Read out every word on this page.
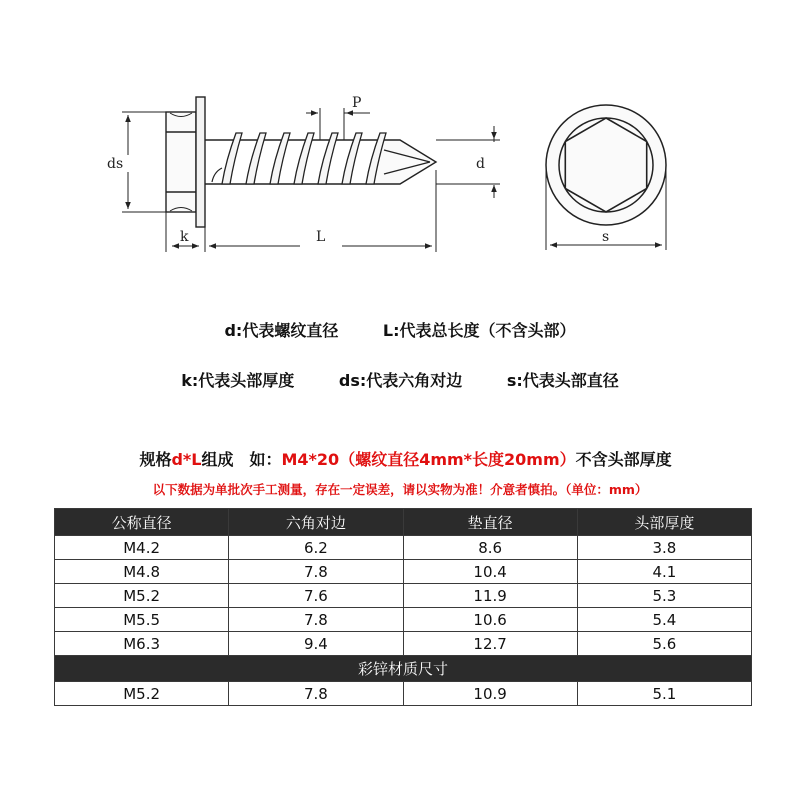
ds
k	L
P
d
s
d:代表螺纹直径	L:代表总长度（不含头部）
k:代表头部厚度	ds:代表六角对边	s:代表头部直径

规格d*L组成　如：M4*20（螺纹直径4mm*长度20mm）不含头部厚度

以下数据为单批次手工测量，存在一定误差，请以实物为准！介意者慎拍。（单位：mm）
公称直径	六角对边	垫直径	头部厚度
M4.2	6.2	8.6	3.8
M4.8	7.8	10.4	4.1
M5.2	7.6	11.9	5.3
M5.5	7.8	10.6	5.4
M6.3	9.4	12.7	5.6
彩锌材质尺寸			
M5.2	7.8	10.9	5.1
